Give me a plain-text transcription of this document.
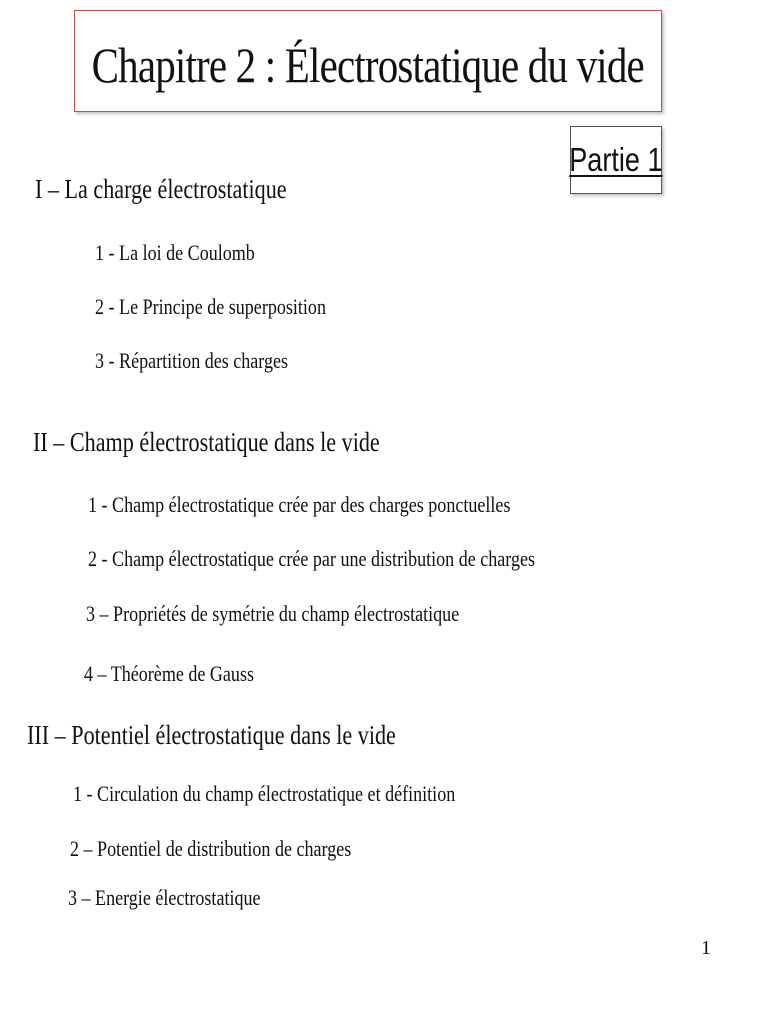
Chapitre 2 : Électrostatique du vide
Partie 1
I – La charge électrostatique
1 - La loi de Coulomb
2 - Le Principe de superposition
3 - Répartition des charges
II – Champ électrostatique dans le vide
1 - Champ électrostatique crée par des charges ponctuelles
2 - Champ électrostatique crée par une distribution de charges
3 – Propriétés de symétrie du champ électrostatique
4 – Théorème de Gauss
III – Potentiel électrostatique dans le vide
1 - Circulation du champ électrostatique et définition
2 – Potentiel de distribution de charges
3 – Energie électrostatique
1
